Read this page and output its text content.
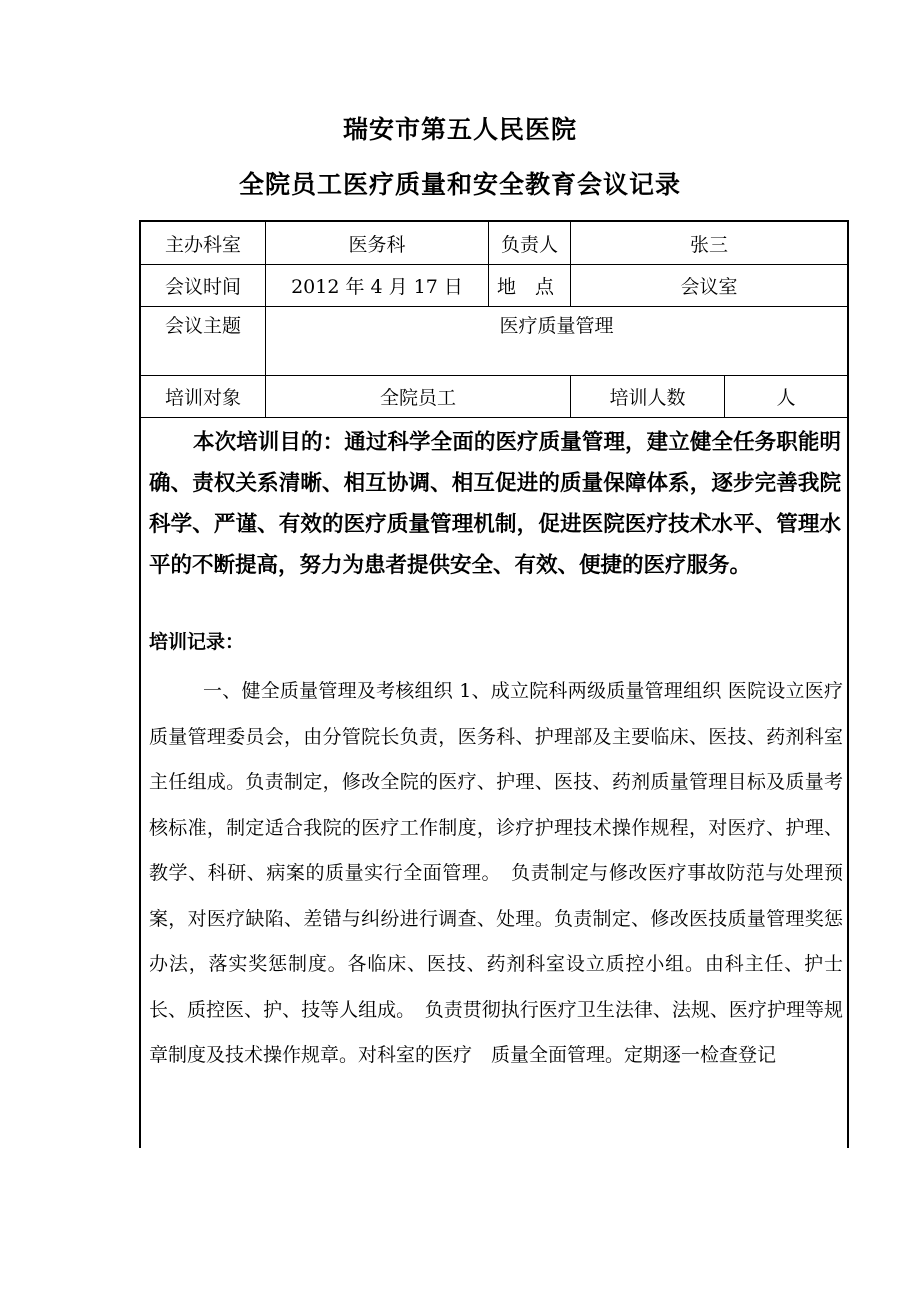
瑞安市第五人民医院
全院员工医疗质量和安全教育会议记录
主办科室	医务科	负责人	张三
会议时间	2012 年 4 月 17 日	地　点	会议室
会议主题	医疗质量管理
培训对象	全院员工	培训人数	人
本次培训目的：通过科学全面的医疗质量管理，建立健全任务职能明确、责权关系清晰、相互协调、相互促进的质量保障体系，逐步完善我院科学、严谨、有效的医疗质量管理机制，促进医院医疗技术水平、管理水平的不断提高，努力为患者提供安全、有效、便捷的医疗服务。
培训记录：
一、健全质量管理及考核组织 1、成立院科两级质量管理组织 医院设立医疗质量管理委员会，由分管院长负责，医务科、护理部及主要临床、医技、药剂科室主任组成。负责制定，修改全院的医疗、护理、医技、药剂质量管理目标及质量考　核标准，制定适合我院的医疗工作制度，诊疗护理技术操作规程，对医疗、护理、教学、科研、病案的质量实行全面管理。　负责制定与修改医疗事故防范与处理预案，对医疗缺陷、差错与纠纷进行调查、处理。负责制定、修改医技质量管理奖惩办法，落实奖惩制度。各临床、医技、药剂科室设立质控小组。由科主任、护士长、质控医、护、技等人组成。　负责贯彻执行医疗卫生法律、法规、医疗护理等规章制度及技术操作规章。对科室的医疗　质量全面管理。定期逐一检查登记
